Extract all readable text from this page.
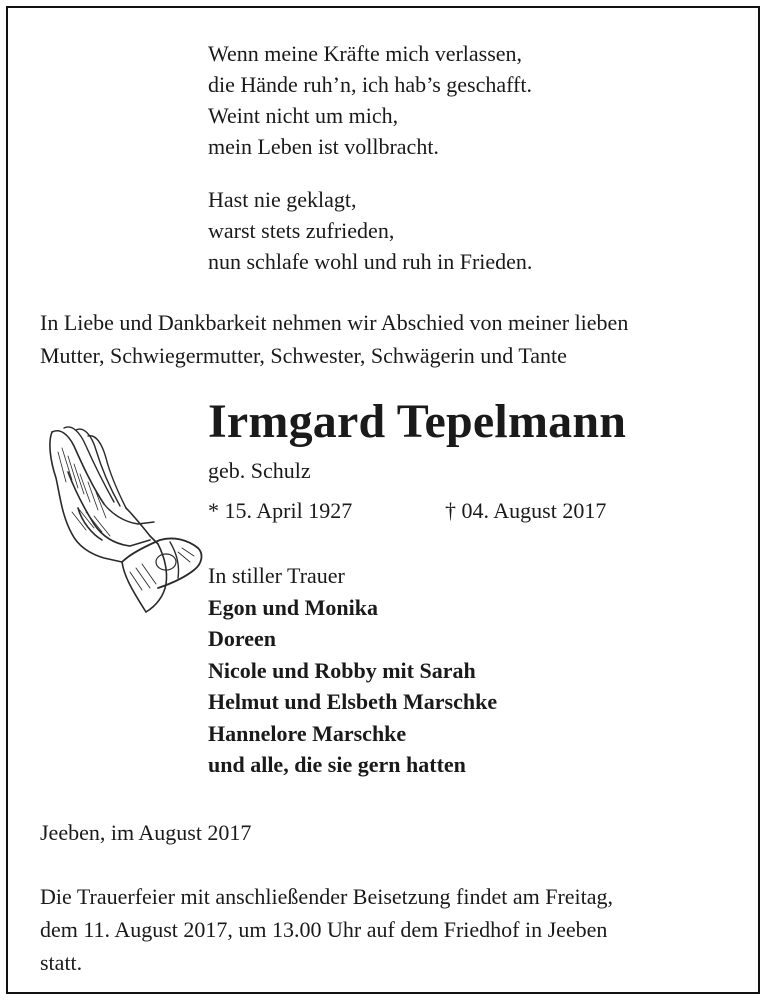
Wenn meine Kräfte mich verlassen,

die Hände ruh’n, ich hab’s geschafft.

Weint nicht um mich,

mein Leben ist vollbracht.

Hast nie geklagt,

warst stets zufrieden,

nun schlafe wohl und ruh in Frieden.

In Liebe und Dankbarkeit nehmen wir Abschied von meiner lieben

Mutter, Schwiegermutter, Schwester, Schwägerin und Tante

Irmgard Tepelmann
geb. Schulz
* 15. April 1927	† 04. August 2017

In stiller Trauer

Egon und Monika

Doreen

Nicole und Robby mit Sarah

Helmut und Elsbeth Marschke

Hannelore Marschke

und alle, die sie gern hatten

Jeeben, im August 2017

Die Trauerfeier mit anschließender Beisetzung findet am Freitag,

dem 11. August 2017, um 13.00 Uhr auf dem Friedhof in Jeeben

statt.
